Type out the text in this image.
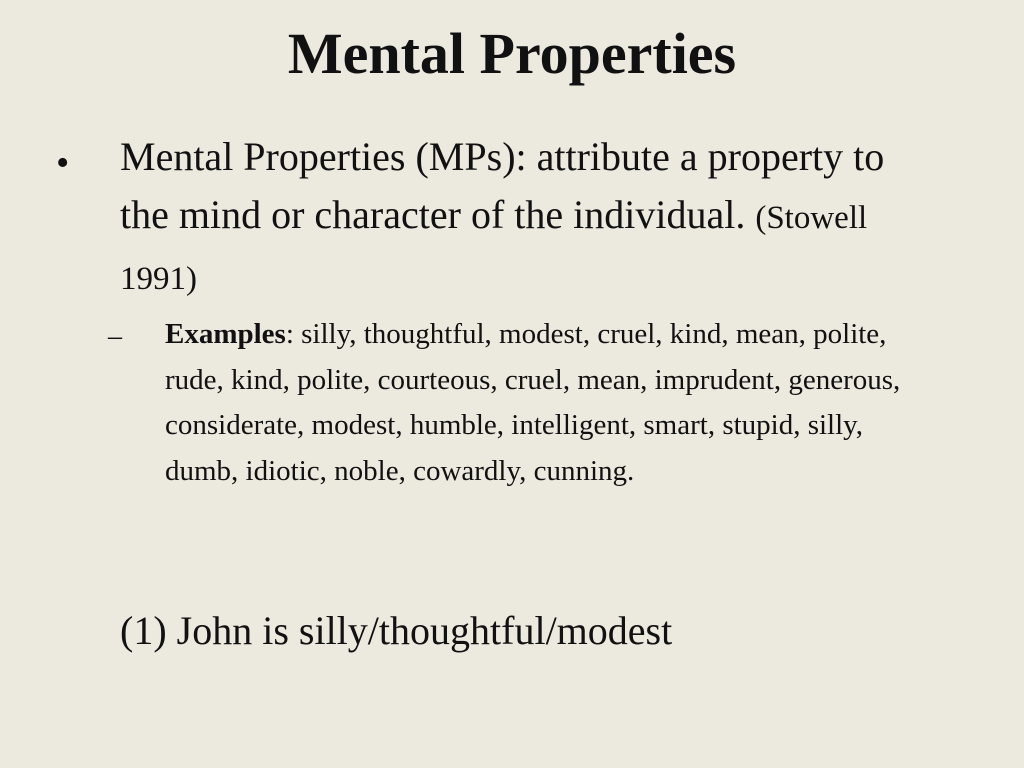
Mental Properties
• Mental Properties (MPs): attribute a property to the mind or character of the individual. (Stowell 1991)
– Examples: silly, thoughtful, modest, cruel, kind, mean, polite, rude, kind, polite, courteous, cruel, mean, imprudent, generous, considerate, modest, humble, intelligent, smart, stupid, silly, dumb, idiotic, noble, cowardly, cunning.
(1) John is silly/thoughtful/modest
